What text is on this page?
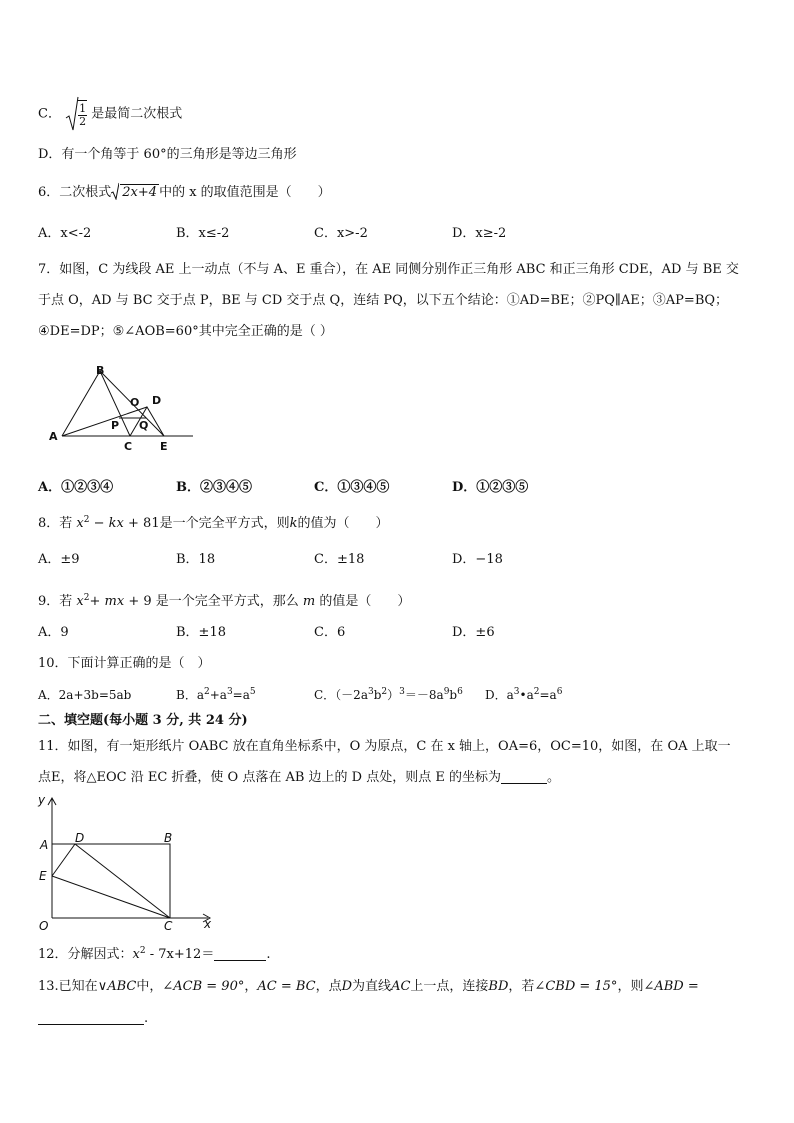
C． $\frac{1}{2}$ 是最简二次根式
D．有一个角等于 60°的三角形是等边三角形
6．二次根式 2x+4 中的 x 的取值范围是（　　）
A．x<-2	B．x≤-2	C．x>-2	D．x≥-2
7．如图，C 为线段 AE 上一动点（不与 A、E 重合），在 AE 同侧分别作正三角形 ABC 和正三角形 CDE，AD 与 BE 交
于点 O，AD 与 BC 交于点 P，BE 与 CD 交于点 Q，连结 PQ，以下五个结论：①AD=BE；②PQ∥AE；③AP=BQ；
④DE=DP；⑤∠AOB=60°其中完全正确的是（ ）
A
B
C
D
E
O
P Q
A．①②③④	B．②③④⑤	C．①③④⑤	D．①②③⑤
8．若 $x^2$ − kx + 81是一个完全平方式，则k的值为（　　）
A．±9	B．18	C．±18	D．−18
9．若 $x^2+$ mx + 9 是一个完全平方式，那么 m 的值是（　　）
A．9	B．±18	C．6	D．±6
10．下面计算正确的是（　）
A．2a+3b=5ab	B．$a^2+a^3=a^5$	C．$(-2a^3b^2)^3=-8a^9b^6$ D．$a^3•a^2=a^6$
二、填空题(每小题 3 分, 共 24 分)
11．如图，有一矩形纸片 OABC 放在直角坐标系中，O 为原点，C 在 x 轴上，OA=6，OC=10，如图，在 OA 上取一
点E，将△EOC 沿 EC 折叠，使 O 点落在 AB 边上的 D 点处，则点 E 的坐标为	。
y
x
A	B
C
D
E
O
12．分解因式：$x^2 - 7x+12=$	.
13.已知在∨ABC中，∠ACB = 90°，AC = BC，点D为直线AC上一点，连接BD，若∠CBD = 15°，则∠ABD =
.
